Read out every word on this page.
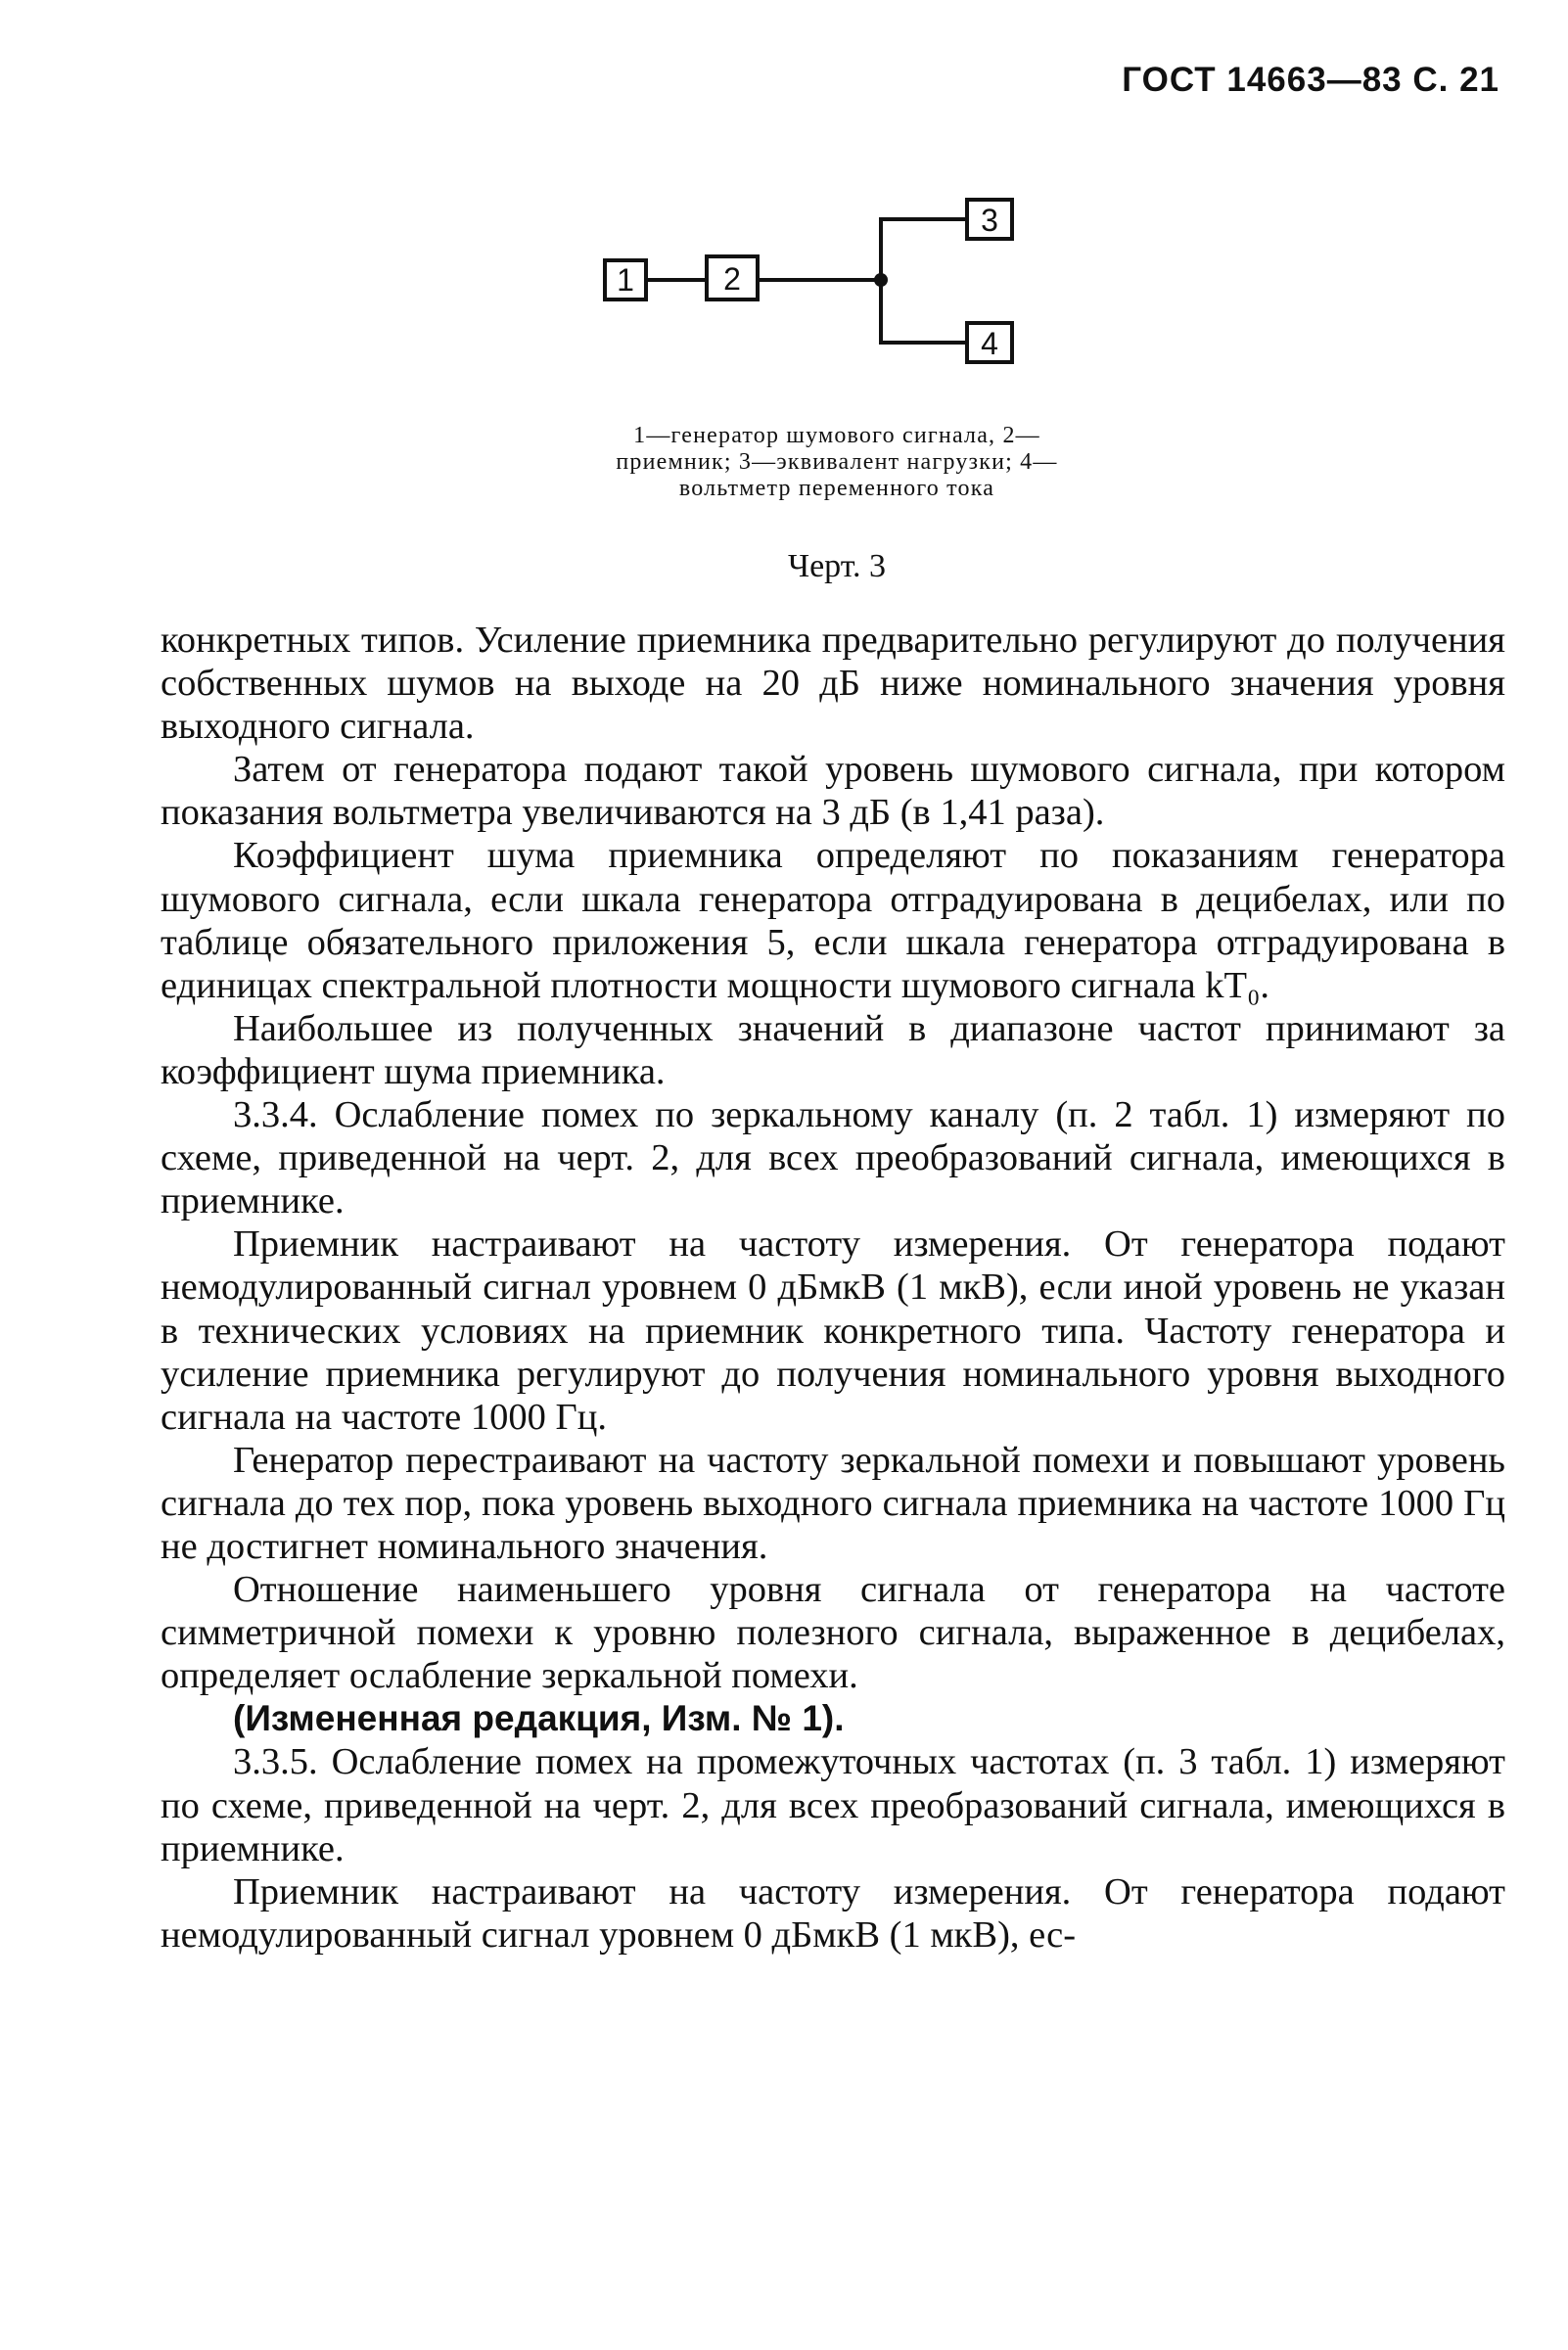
ГОСТ 14663—83 С. 21
1	2
3
4
1—генератор шумового сигнала, 2—приемник; 3—эквивалент нагрузки; 4—вольтметр переменного тока
Черт. 3

конкретных типов. Усиление приемника предварительно регулируют до получения собственных шумов на выходе на 20 дБ ниже номинального значения уровня выходного сигнала.

Затем от генератора подают такой уровень шумового сигнала, при котором показания вольтметра увеличиваются на 3 дБ (в 1,41 раза).

Коэффициент шума приемника определяют по показаниям генератора шумового сигнала, если шкала генератора отградуирована в децибелах, или по таблице обязательного приложения 5, если шкала генератора отградуирована в единицах спектральной плотности мощности шумового сигнала kT₀.

Наибольшее из полученных значений в диапазоне частот принимают за коэффициент шума приемника.

3.3.4. Ослабление помех по зеркальному каналу (п. 2 табл. 1) измеряют по схеме, приведенной на черт. 2, для всех преобразований сигнала, имеющихся в приемнике.

Приемник настраивают на частоту измерения. От генератора подают немодулированный сигнал уровнем 0 дБмкВ (1 мкВ), если иной уровень не указан в технических условиях на приемник конкретного типа. Частоту генератора и усиление приемника регулируют до получения номинального уровня выходного сигнала на частоте 1000 Гц.

Генератор перестраивают на частоту зеркальной помехи и повышают уровень сигнала до тех пор, пока уровень выходного сигнала приемника на частоте 1000 Гц не достигнет номинального значения.

Отношение наименьшего уровня сигнала от генератора на частоте симметричной помехи к уровню полезного сигнала, выраженное в децибелах, определяет ослабление зеркальной помехи.

(Измененная редакция, Изм. № 1).

3.3.5. Ослабление помех на промежуточных частотах (п. 3 табл. 1) измеряют по схеме, приведенной на черт. 2, для всех преобразований сигнала, имеющихся в приемнике.

Приемник настраивают на частоту измерения. От генератора подают немодулированный сигнал уровнем 0 дБмкВ (1 мкВ), ес-
